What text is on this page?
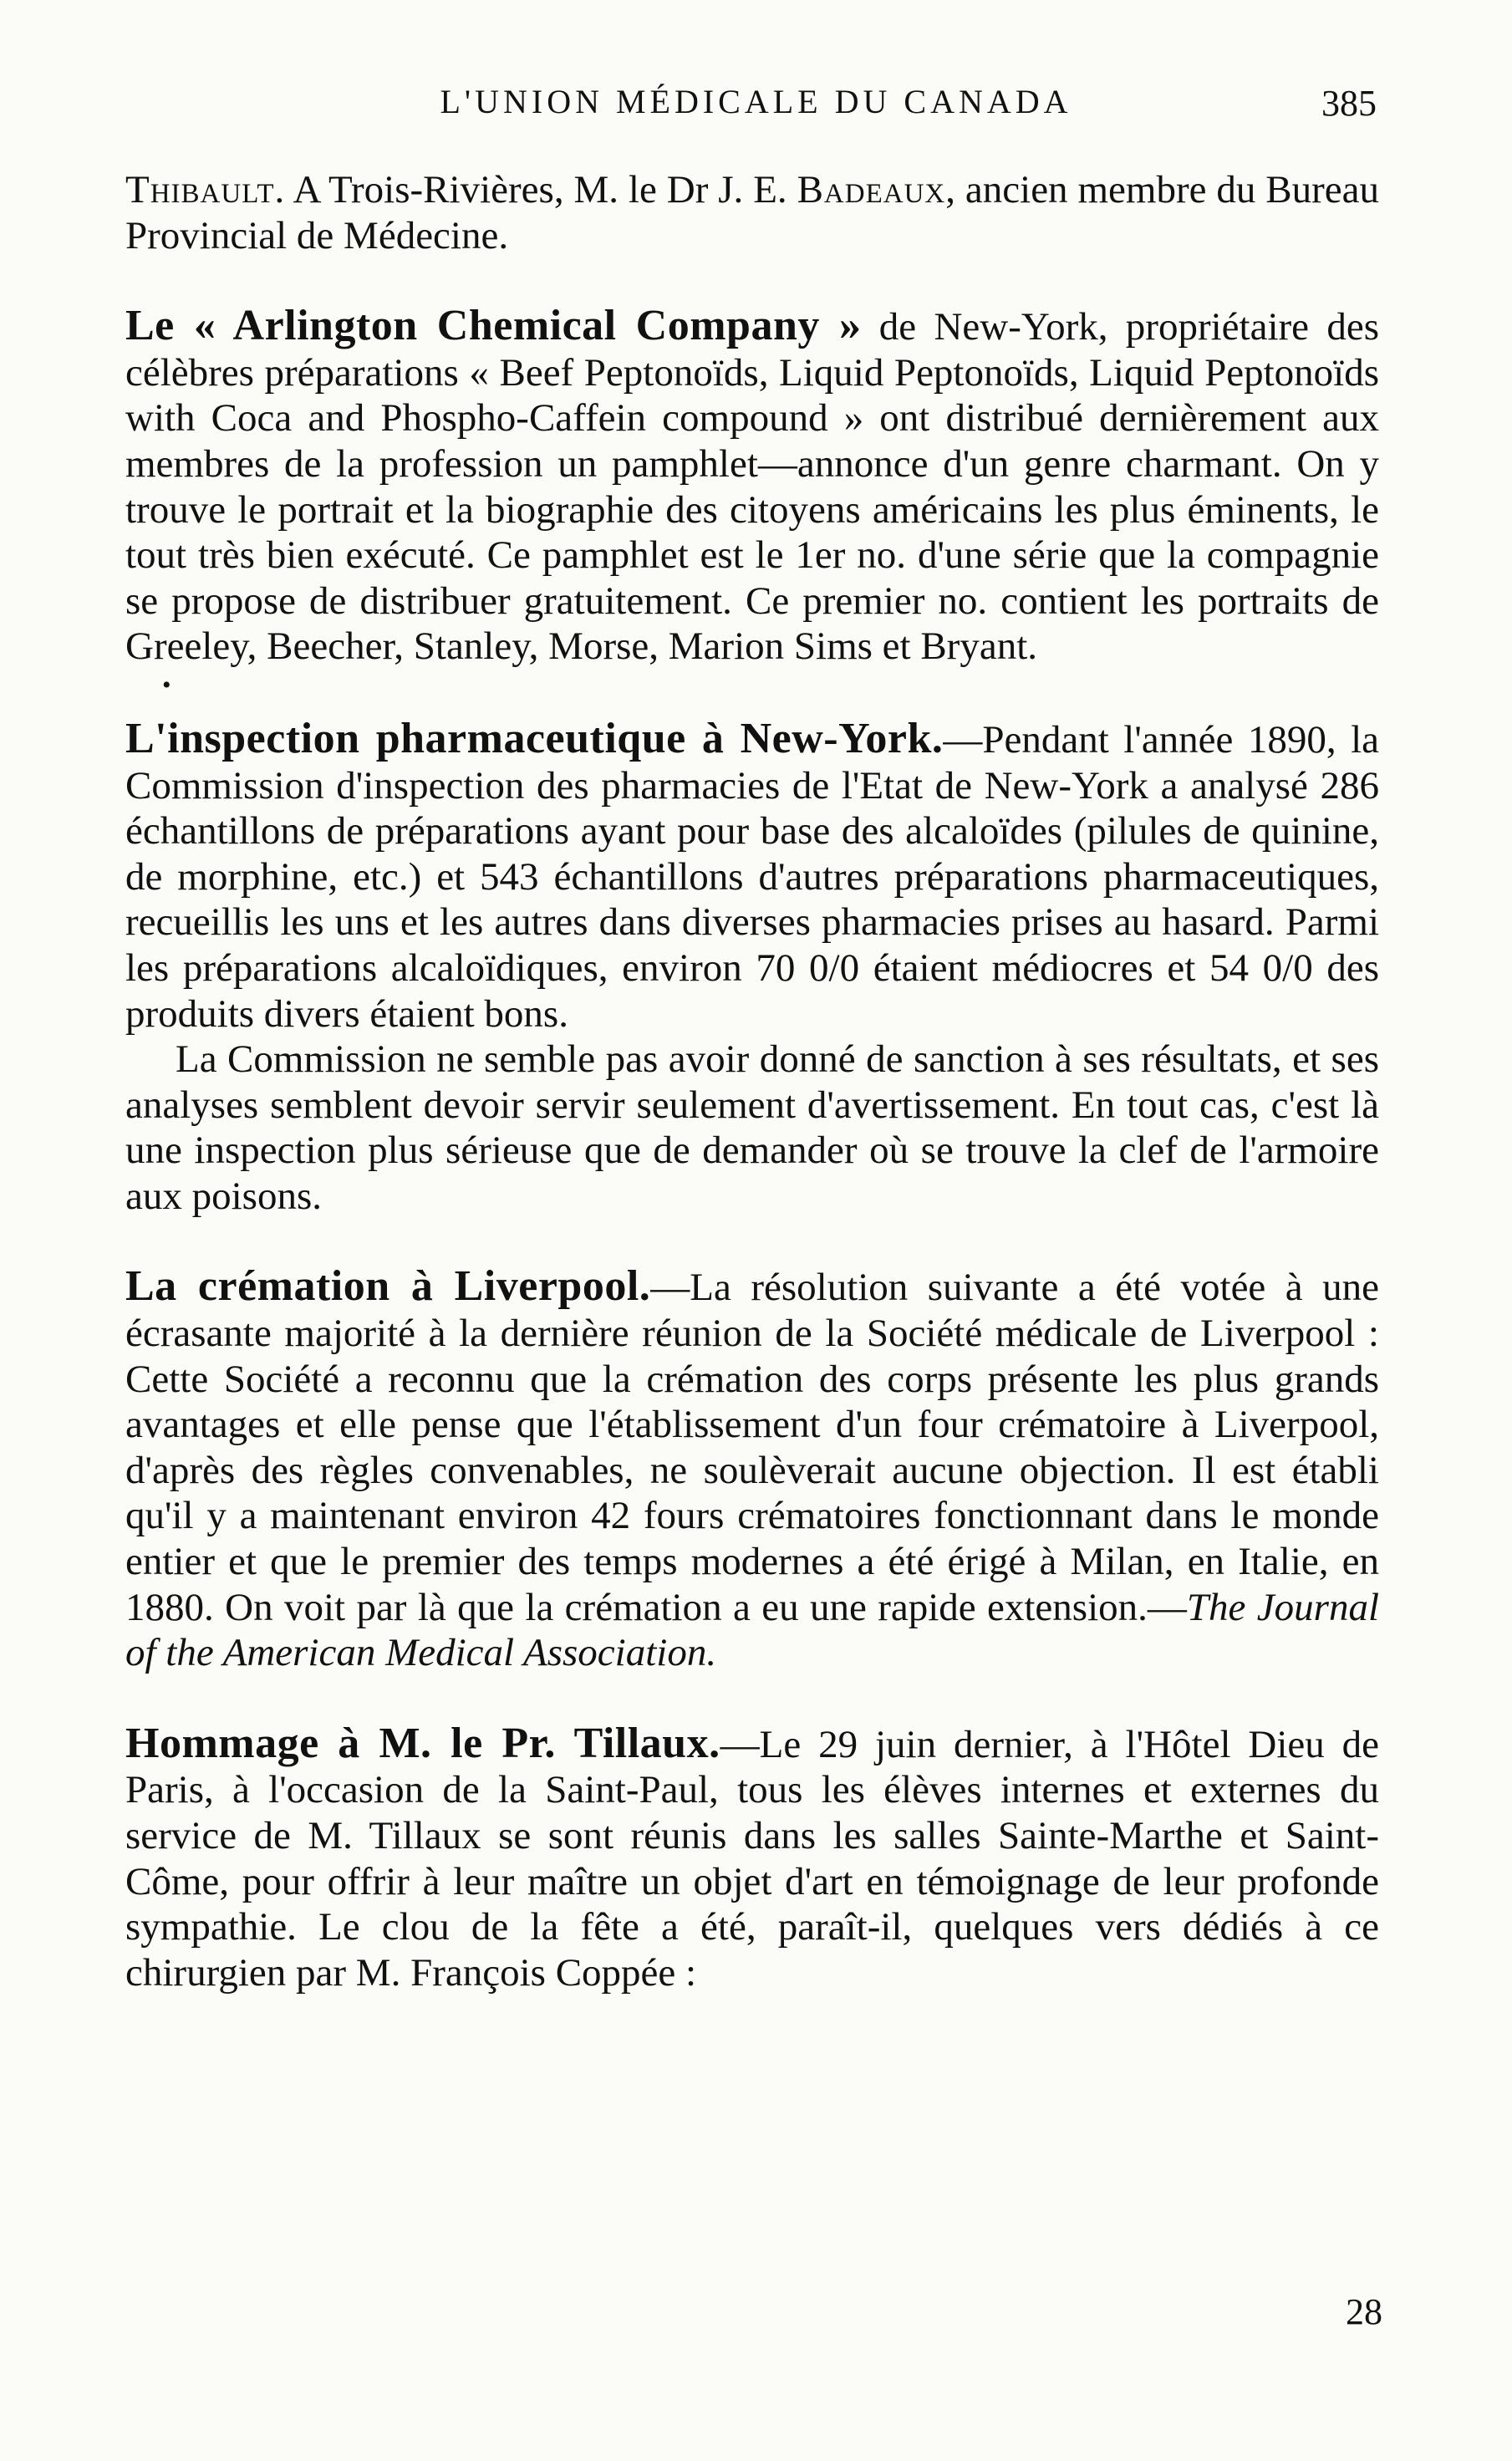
L'UNION MÉDICALE DU CANADA	385

Thibault. A Trois-Rivières, M. le Dr J. E. Badeaux, ancien membre du Bureau Provincial de Médecine.

Le « Arlington Chemical Company » de New-York, propriétaire des célèbres préparations « Beef Peptonoïds, Liquid Peptonoïds, Liquid Peptonoïds with Coca and Phospho-Caffein compound » ont distribué dernièrement aux membres de la profession un pamphlet—annonce d'un genre charmant. On y trouve le portrait et la biographie des citoyens américains les plus éminents, le tout très bien exécuté. Ce pamphlet est le 1er no. d'une série que la compagnie se propose de distribuer gratuitement. Ce premier no. contient les portraits de Greeley, Beecher, Stanley, Morse, Marion Sims et Bryant.

•

L'inspection pharmaceutique à New-York.—Pendant l'année 1890, la Commission d'inspection des pharmacies de l'Etat de New-York a analysé 286 échantillons de préparations ayant pour base des alcaloïdes (pilules de quinine, de morphine, etc.) et 543 échantillons d'autres préparations pharmaceutiques, recueillis les uns et les autres dans diverses pharmacies prises au hasard. Parmi les préparations alcaloïdiques, environ 70 0/0 étaient médiocres et 54 0/0 des produits divers étaient bons.

La Commission ne semble pas avoir donné de sanction à ses résultats, et ses analyses semblent devoir servir seulement d'avertissement. En tout cas, c'est là une inspection plus sérieuse que de demander où se trouve la clef de l'armoire aux poisons.

La crémation à Liverpool.—La résolution suivante a été votée à une écrasante majorité à la dernière réunion de la Société médicale de Liverpool : Cette Société a reconnu que la crémation des corps présente les plus grands avantages et elle pense que l'établissement d'un four crématoire à Liverpool, d'après des règles convenables, ne soulèverait aucune objection. Il est établi qu'il y a maintenant environ 42 fours crématoires fonctionnant dans le monde entier et que le premier des temps modernes a été érigé à Milan, en Italie, en 1880. On voit par là que la crémation a eu une rapide extension.—The Journal of the American Medical Association.

Hommage à M. le Pr. Tillaux.—Le 29 juin dernier, à l'Hôtel Dieu de Paris, à l'occasion de la Saint-Paul, tous les élèves internes et externes du service de M. Tillaux se sont réunis dans les salles Sainte-Marthe et Saint-Côme, pour offrir à leur maître un objet d'art en témoignage de leur profonde sympathie. Le clou de la fête a été, paraît-il, quelques vers dédiés à ce chirurgien par M. François Coppée :

28
